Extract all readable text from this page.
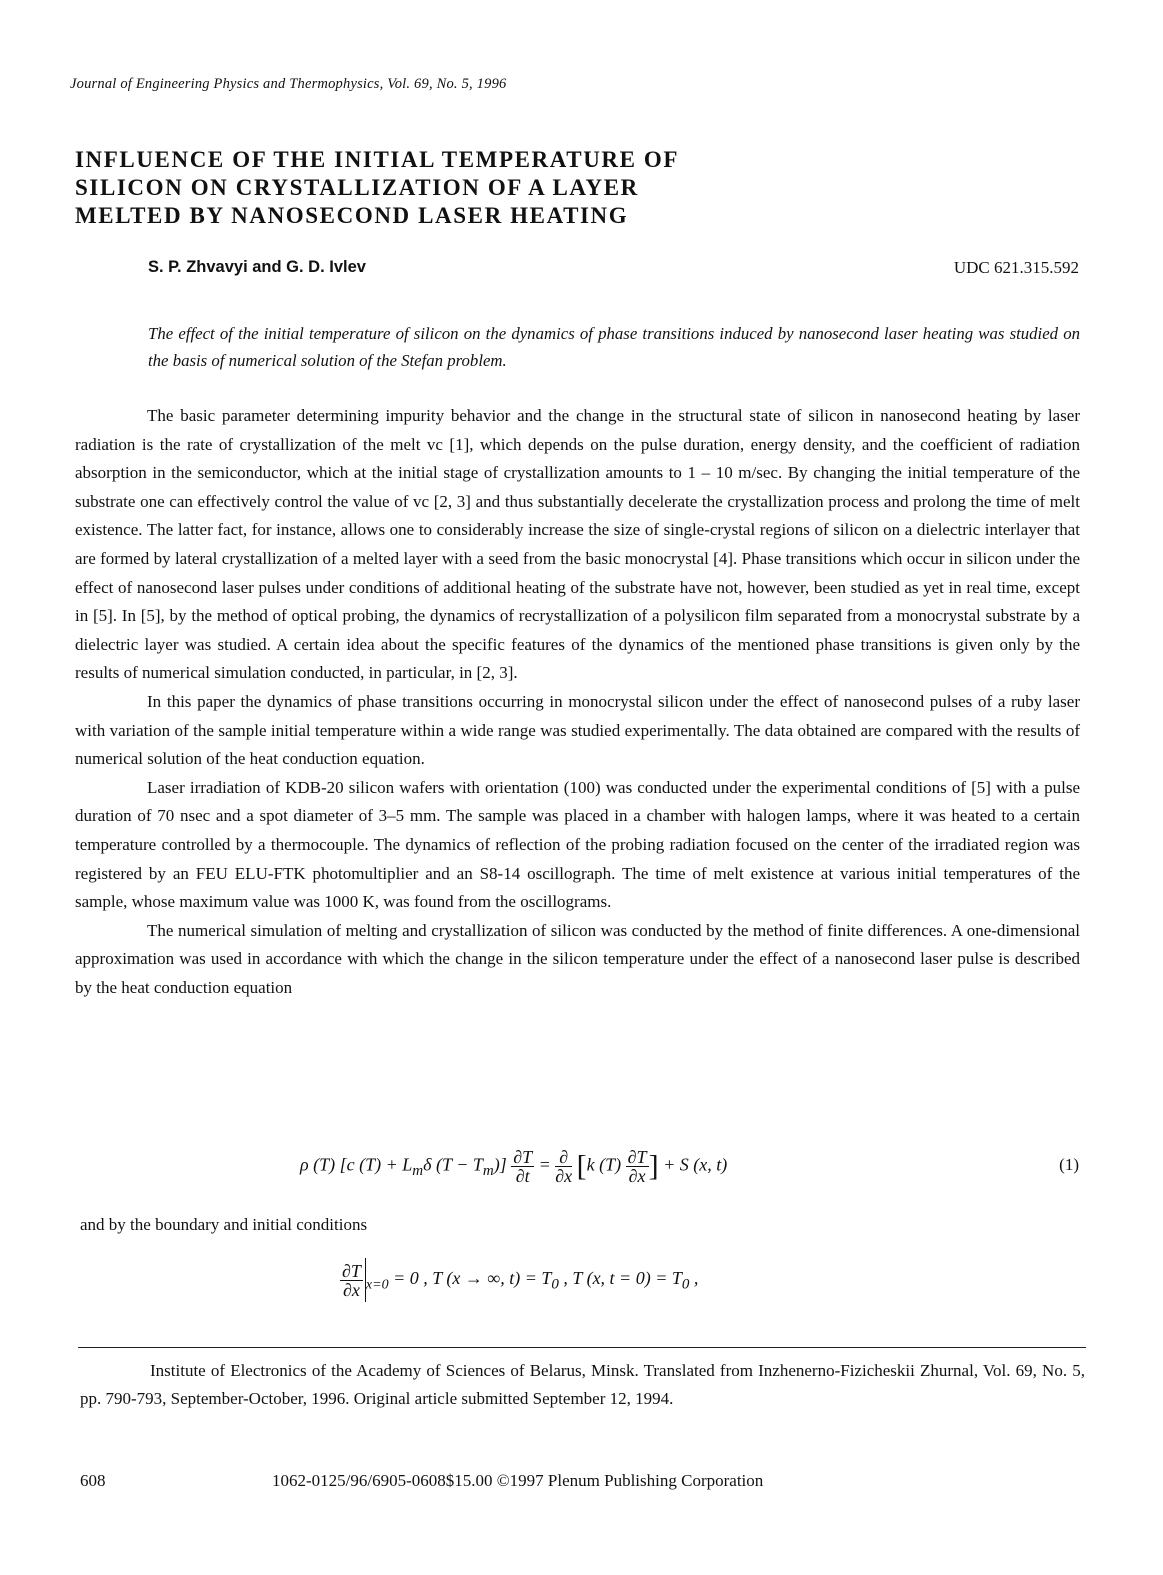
Journal of Engineering Physics and Thermophysics, Vol. 69, No. 5, 1996
INFLUENCE OF THE INITIAL TEMPERATURE OF
SILICON ON CRYSTALLIZATION OF A LAYER
MELTED BY NANOSECOND LASER HEATING
S. P. Zhvavyi and G. D. Ivlev	UDC 621.315.592
The effect of the initial temperature of silicon on the dynamics of phase transitions induced by nanosecond laser heating was studied on the basis of numerical solution of the Stefan problem.

The basic parameter determining impurity behavior and the change in the structural state of silicon in nanosecond heating by laser radiation is the rate of crystallization of the melt vc [1], which depends on the pulse duration, energy density, and the coefficient of radiation absorption in the semiconductor, which at the initial stage of crystallization amounts to 1 – 10 m/sec. By changing the initial temperature of the substrate one can effectively control the value of vc [2, 3] and thus substantially decelerate the crystallization process and prolong the time of melt existence. The latter fact, for instance, allows one to considerably increase the size of single-crystal regions of silicon on a dielectric interlayer that are formed by lateral crystallization of a melted layer with a seed from the basic monocrystal [4]. Phase transitions which occur in silicon under the effect of nanosecond laser pulses under conditions of additional heating of the substrate have not, however, been studied as yet in real time, except in [5]. In [5], by the method of optical probing, the dynamics of recrystallization of a polysilicon film separated from a monocrystal substrate by a dielectric layer was studied. A certain idea about the specific features of the dynamics of the mentioned phase transitions is given only by the results of numerical simulation conducted, in particular, in [2, 3].

In this paper the dynamics of phase transitions occurring in monocrystal silicon under the effect of nanosecond pulses of a ruby laser with variation of the sample initial temperature within a wide range was studied experimentally. The data obtained are compared with the results of numerical solution of the heat conduction equation.

Laser irradiation of KDB-20 silicon wafers with orientation (100) was conducted under the experimental conditions of [5] with a pulse duration of 70 nsec and a spot diameter of 3–5 mm. The sample was placed in a chamber with halogen lamps, where it was heated to a certain temperature controlled by a thermocouple. The dynamics of reflection of the probing radiation focused on the center of the irradiated region was registered by an FEU ELU-FTK photomultiplier and an S8-14 oscillograph. The time of melt existence at various initial temperatures of the sample, whose maximum value was 1000 K, was found from the oscillograms.

The numerical simulation of melting and crystallization of silicon was conducted by the method of finite differences. A one-dimensional approximation was used in accordance with which the change in the silicon temperature under the effect of a nanosecond laser pulse is described by the heat conduction equation

ρ (T) [c $(T) + L_m\delta$ $(T - T_m)] \frac{\partial T}{\partial t} = \frac{\partial}{\partial x} [k$ $(T) \frac{\partial T}{\partial x}$ ] + S (x, t)	(1)
and by the boundary and initial conditions
$\frac{\partial T}{\partial x} _{x=0} = 0$ , T (x → ∞, $t) = T_0$ , T (x, $t = 0) = T_0$ ,
Institute of Electronics of the Academy of Sciences of Belarus, Minsk. Translated from Inzhenerno-Fizicheskii Zhurnal, Vol. 69, No. 5, pp. 790-793, September-October, 1996. Original article submitted September 12, 1994.
608	1062-0125/96/6905-0608$15.00 ©1997 Plenum Publishing Corporation
